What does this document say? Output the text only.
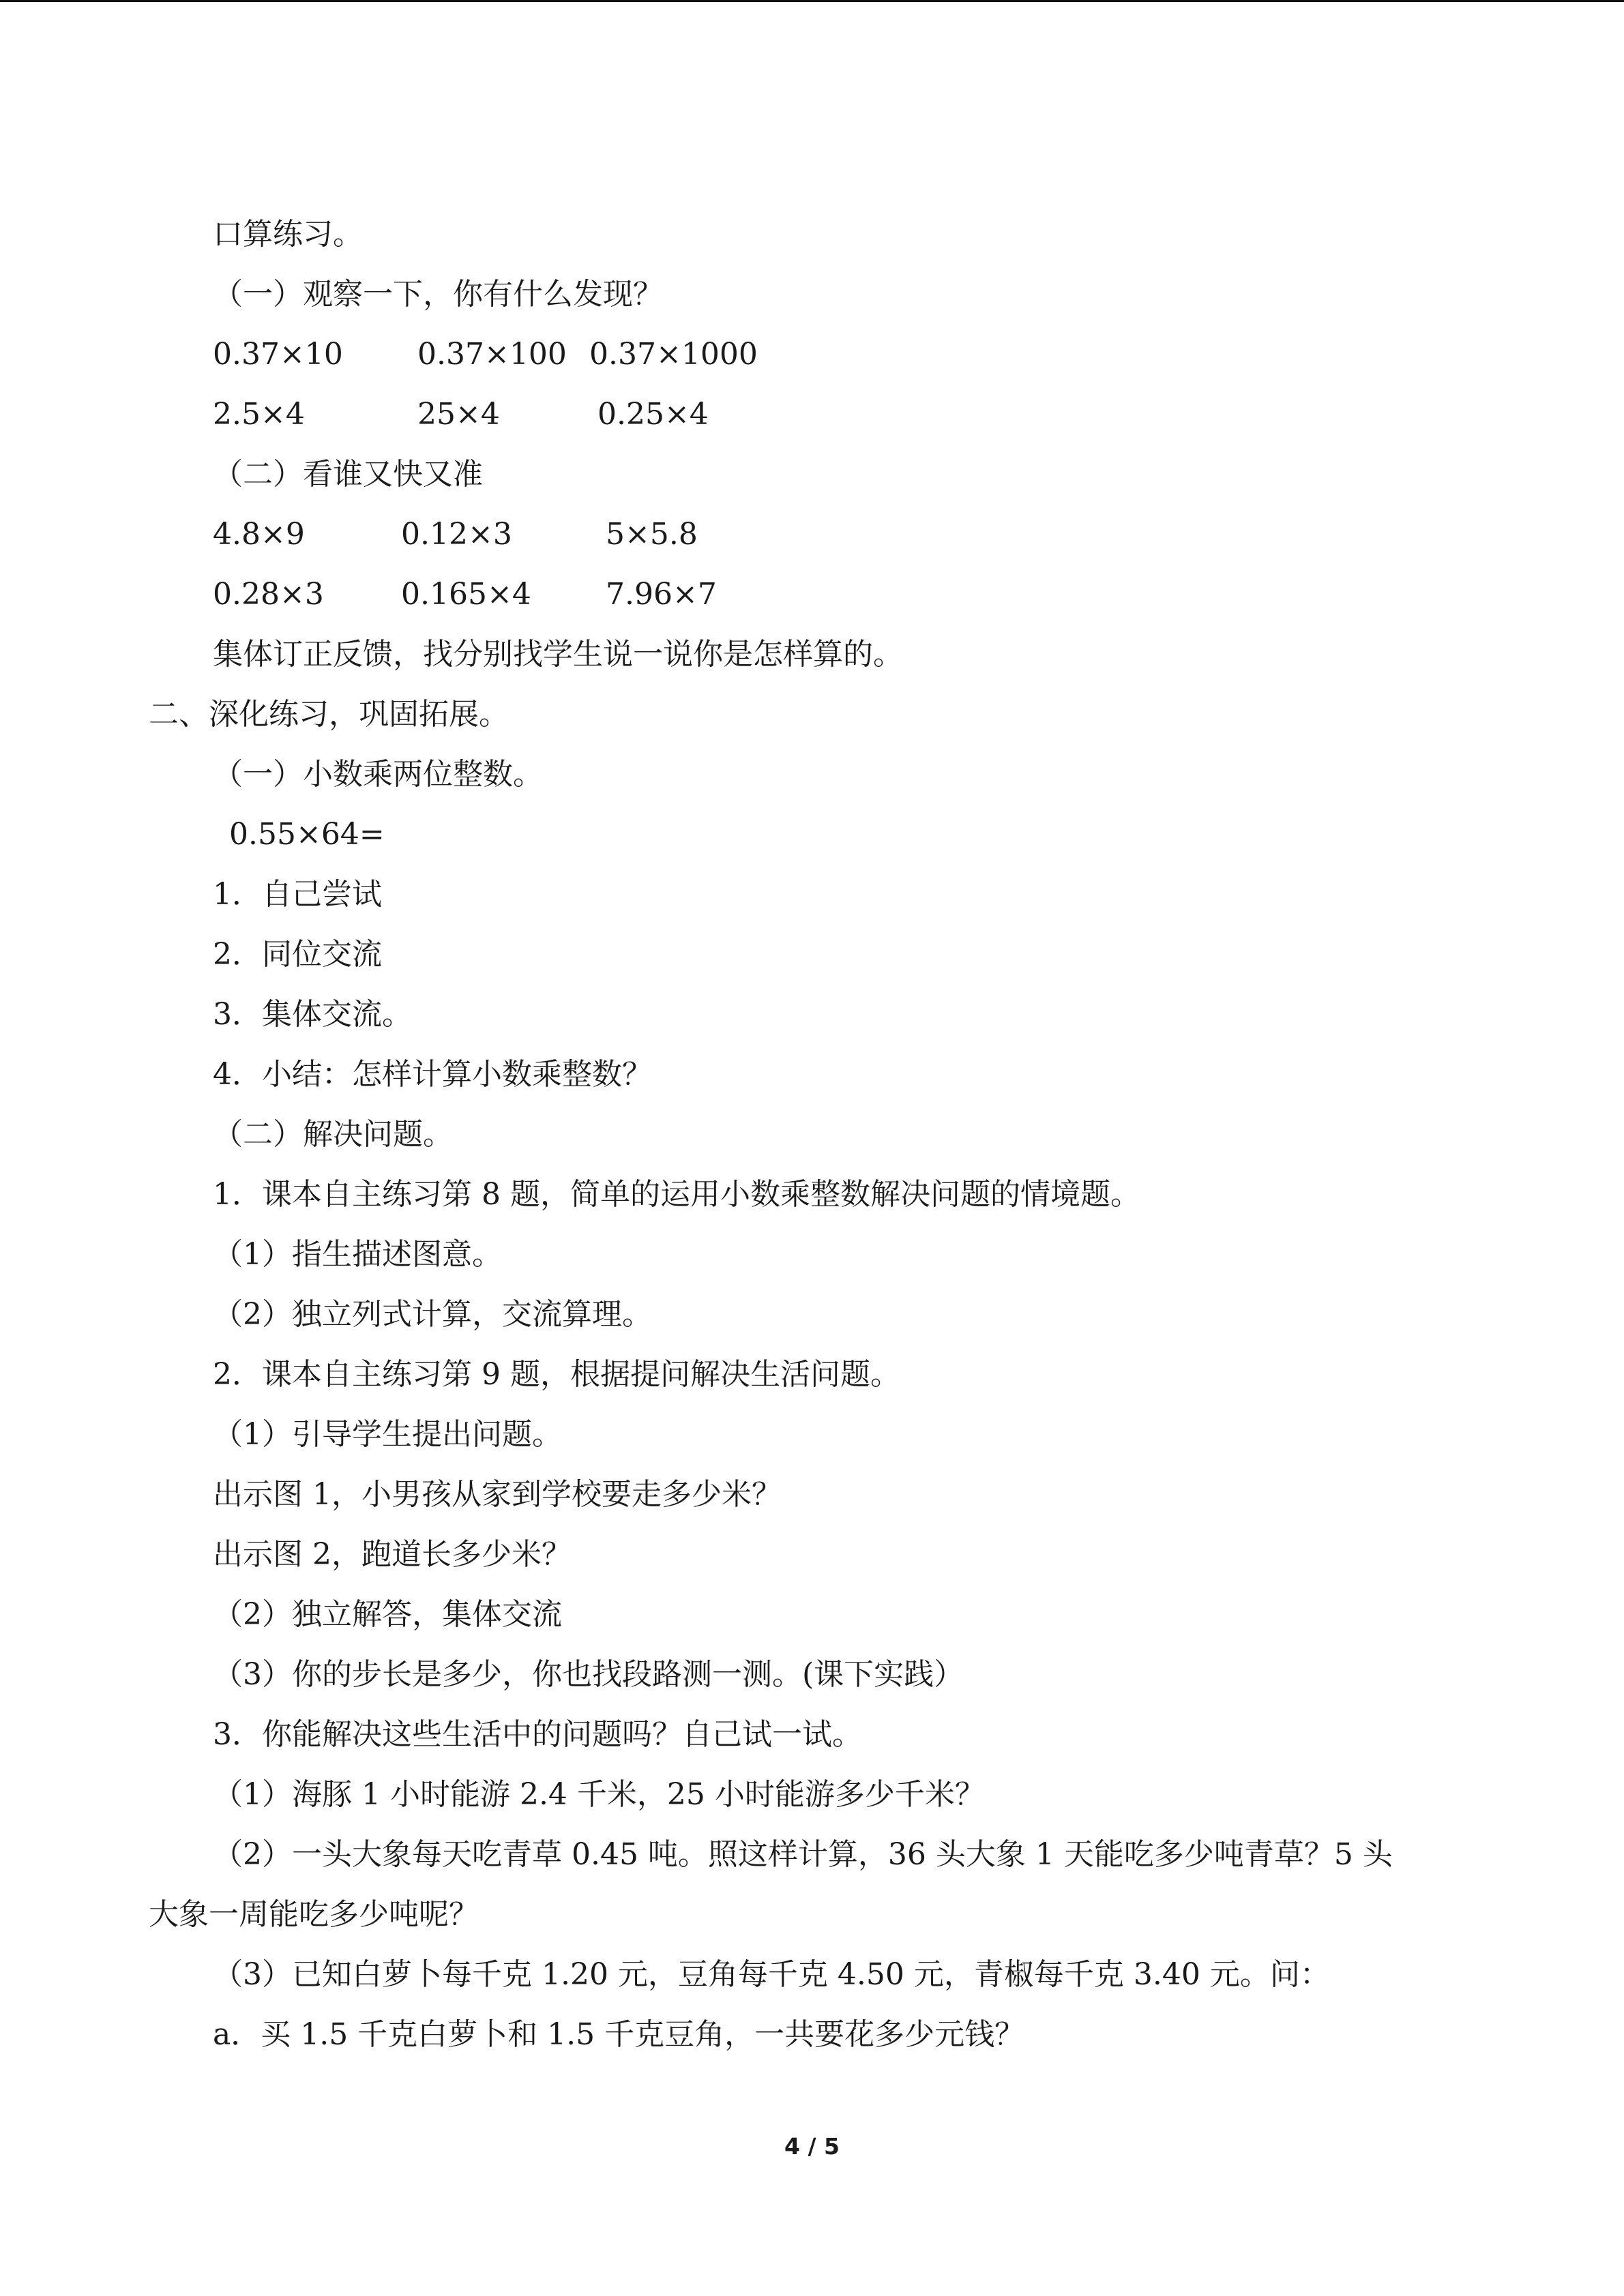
口算练习。
（一）观察一下，你有什么发现？
0.37×10 0.37×100 0.37×1000
2.5×4	25×4	0.25×4
（二）看谁又快又准
4.8×9	0.12×3	5×5.8
0.28×3	0.165×4 7.96×7
集体订正反馈，找分别找学生说一说你是怎样算的。
二、深化练习，巩固拓展。
（一）小数乘两位整数。
0.55×64=
1．自己尝试
2．同位交流
3．集体交流。
4．小结：怎样计算小数乘整数？
（二）解决问题。
1．课本自主练习第 8 题，简单的运用小数乘整数解决问题的情境题。
（1）指生描述图意。
（2）独立列式计算，交流算理。
2．课本自主练习第 9 题，根据提问解决生活问题。
（1）引导学生提出问题。
出示图 1，小男孩从家到学校要走多少米？
出示图 2，跑道长多少米？
（2）独立解答，集体交流
（3）你的步长是多少，你也找段路测一测。(课下实践）
3．你能解决这些生活中的问题吗？自己试一试。
（1）海豚 1 小时能游 2.4 千米，25 小时能游多少千米？
（2）一头大象每天吃青草 0.45 吨。照这样计算，36 头大象 1 天能吃多少吨青草？5 头
大象一周能吃多少吨呢？
（3）已知白萝卜每千克 1.20 元，豆角每千克 4.50 元，青椒每千克 3.40 元。问：
a．买 1.5 千克白萝卜和 1.5 千克豆角，一共要花多少元钱？
4 / 5
